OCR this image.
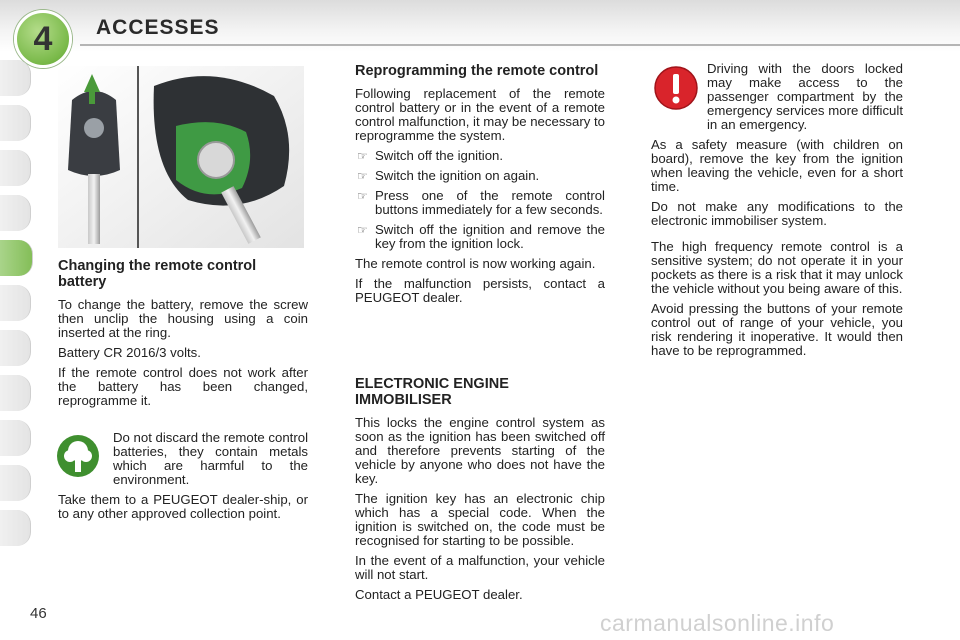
4	ACCESSES
Changing the remote control battery

To change the battery, remove the screw then unclip the housing using a coin inserted at the ring.

Battery CR 2016/3 volts.

If the remote control does not work after the battery has been changed, reprogramme it.

Do not discard the remote control batteries, they contain metals which are harmful to the environment.

Take them to a PEUGEOT dealer-ship, or to any other approved collection point.

Reprogramming the remote control

Following replacement of the remote control battery or in the event of a remote control malfunction, it may be necessary to reprogramme the system.

☞ Switch off the ignition.
☞ Switch the ignition on again.
☞ Press one of the remote control buttons immediately for a few seconds.
☞ Switch off the ignition and remove the key from the ignition lock.

The remote control is now working again.

If the malfunction persists, contact a PEUGEOT dealer.

ELECTRONIC ENGINE IMMOBILISER

This locks the engine control system as soon as the ignition has been switched off and therefore prevents starting of the vehicle by anyone who does not have the key.

The ignition key has an electronic chip which has a special code. When the ignition is switched on, the code must be recognised for starting to be possible.

In the event of a malfunction, your vehicle will not start.

Contact a PEUGEOT dealer.

Driving with the doors locked may make access to the passenger compartment by the emergency services more difficult in an emergency.

As a safety measure (with children on board), remove the key from the ignition when leaving the vehicle, even for a short time.

Do not make any modifications to the electronic immobiliser system.

The high frequency remote control is a sensitive system; do not operate it in your pockets as there is a risk that it may unlock the vehicle without you being aware of this.

Avoid pressing the buttons of your remote control out of range of your vehicle, you risk rendering it inoperative. It would then have to be reprogrammed.

46	carmanualsonline.info
